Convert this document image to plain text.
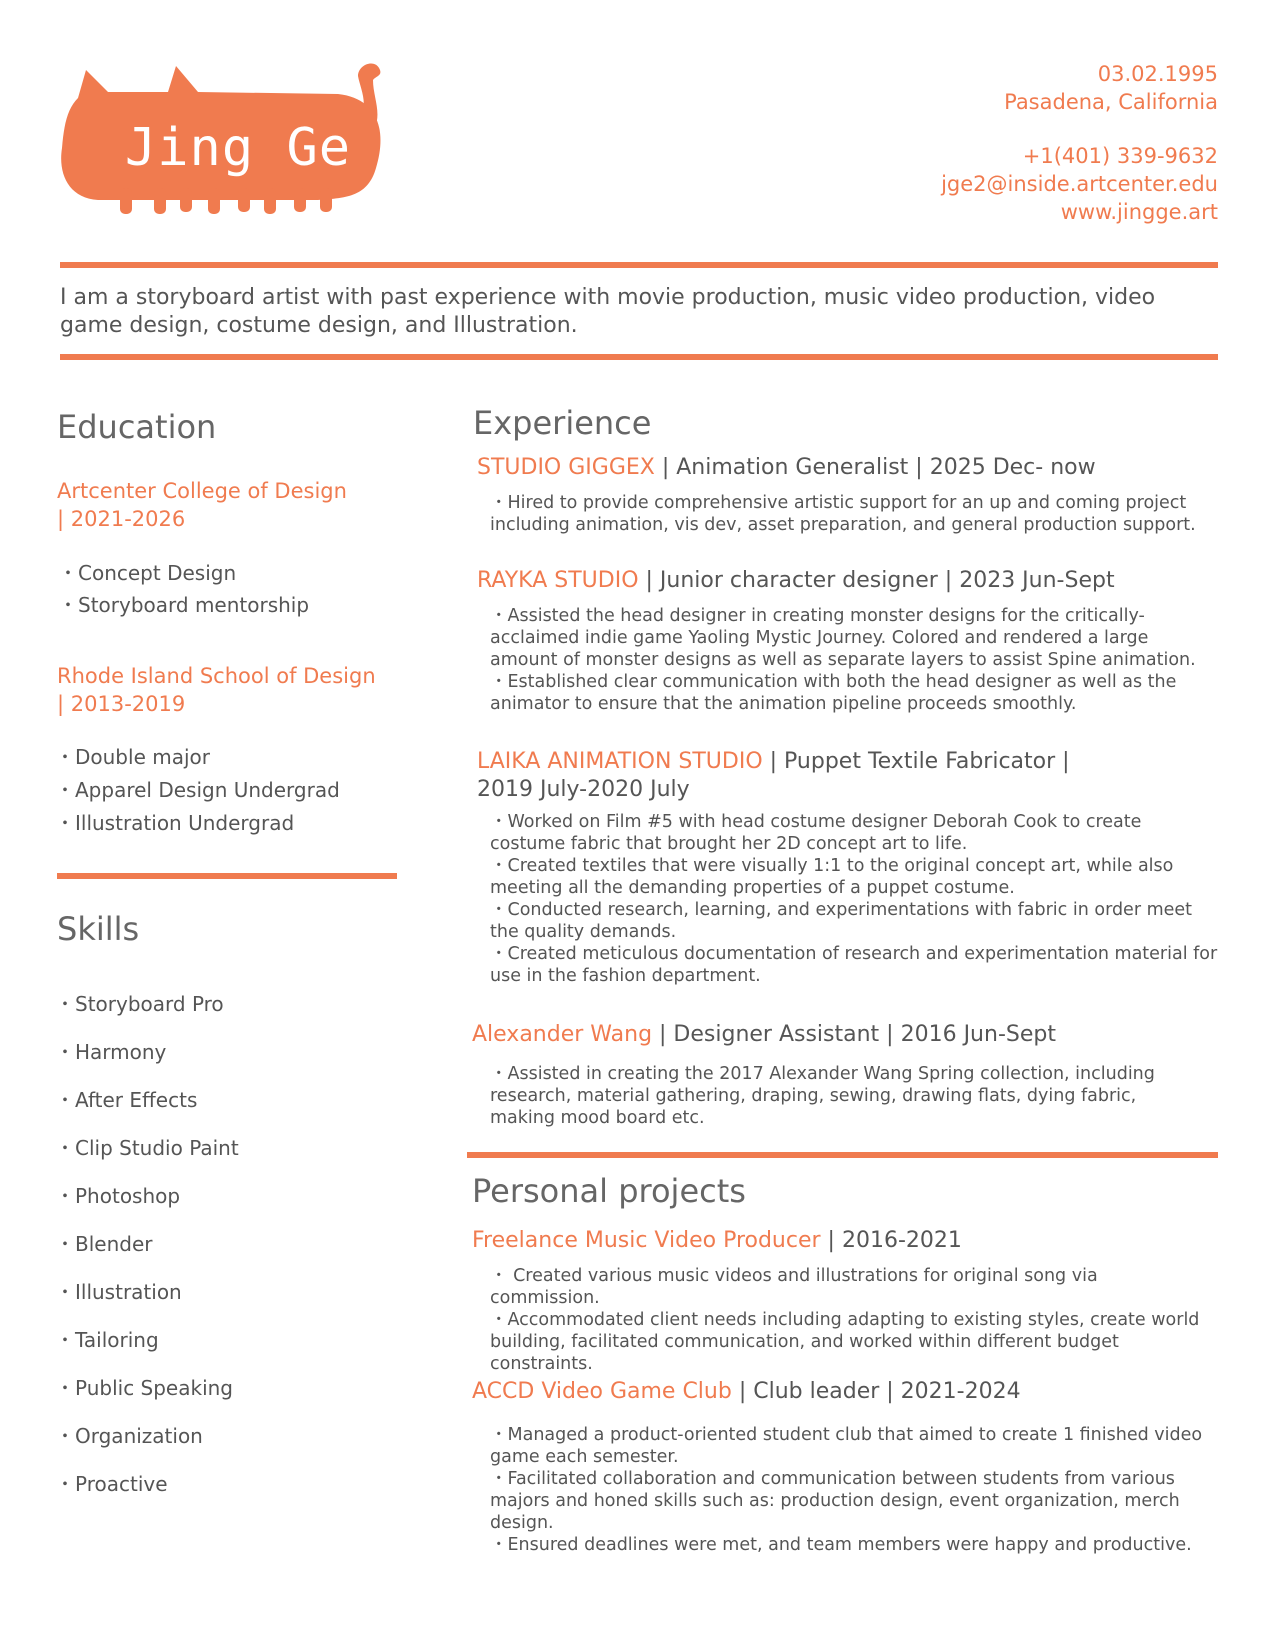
Jing Ge
03.02.1995
Pasadena, California
+1(401) 339-9632
jge2@inside.artcenter.edu
www.jingge.art
I am a storyboard artist with past experience with movie production, music video production, video game design, costume design, and Illustration.
Education
Artcenter College of Design
| 2021-2026
・Concept Design
・Storyboard mentorship
Rhode Island School of Design
| 2013-2019
・Double major
・Apparel Design Undergrad
・Illustration Undergrad
Skills
・Storyboard Pro
・Harmony
・After Effects
・Clip Studio Paint
・Photoshop
・Blender
・Illustration
・Tailoring
・Public Speaking
・Organization
・Proactive
Experience
STUDIO GIGGEX | Animation Generalist | 2025 Dec- now
・Hired to provide comprehensive artistic support for an up and coming project including animation, vis dev, asset preparation, and general production support.
RAYKA STUDIO | Junior character designer | 2023 Jun-Sept
・Assisted the head designer in creating monster designs for the critically-acclaimed indie game Yaoling Mystic Journey. Colored and rendered a large amount of monster designs as well as separate layers to assist Spine animation.
・Established clear communication with both the head designer as well as the animator to ensure that the animation pipeline proceeds smoothly.
LAIKA ANIMATION STUDIO | Puppet Textile Fabricator | 2019 July-2020 July
・Worked on Film #5 with head costume designer Deborah Cook to create costume fabric that brought her 2D concept art to life.
・Created textiles that were visually 1:1 to the original concept art, while also meeting all the demanding properties of a puppet costume.
・Conducted research, learning, and experimentations with fabric in order meet the quality demands.
・Created meticulous documentation of research and experimentation material for use in the fashion department.
Alexander Wang | Designer Assistant | 2016 Jun-Sept
・Assisted in creating the 2017 Alexander Wang Spring collection, including research, material gathering, draping, sewing, drawing flats, dying fabric, making mood board etc.
Personal projects
Freelance Music Video Producer | 2016-2021
・ Created various music videos and illustrations for original song via commission.
・Accommodated client needs including adapting to existing styles, create world building, facilitated communication, and worked within different budget constraints.
ACCD Video Game Club | Club leader | 2021-2024
・Managed a product-oriented student club that aimed to create 1 finished video game each semester.
・Facilitated collaboration and communication between students from various majors and honed skills such as: production design, event organization, merch design.
・Ensured deadlines were met, and team members were happy and productive.
